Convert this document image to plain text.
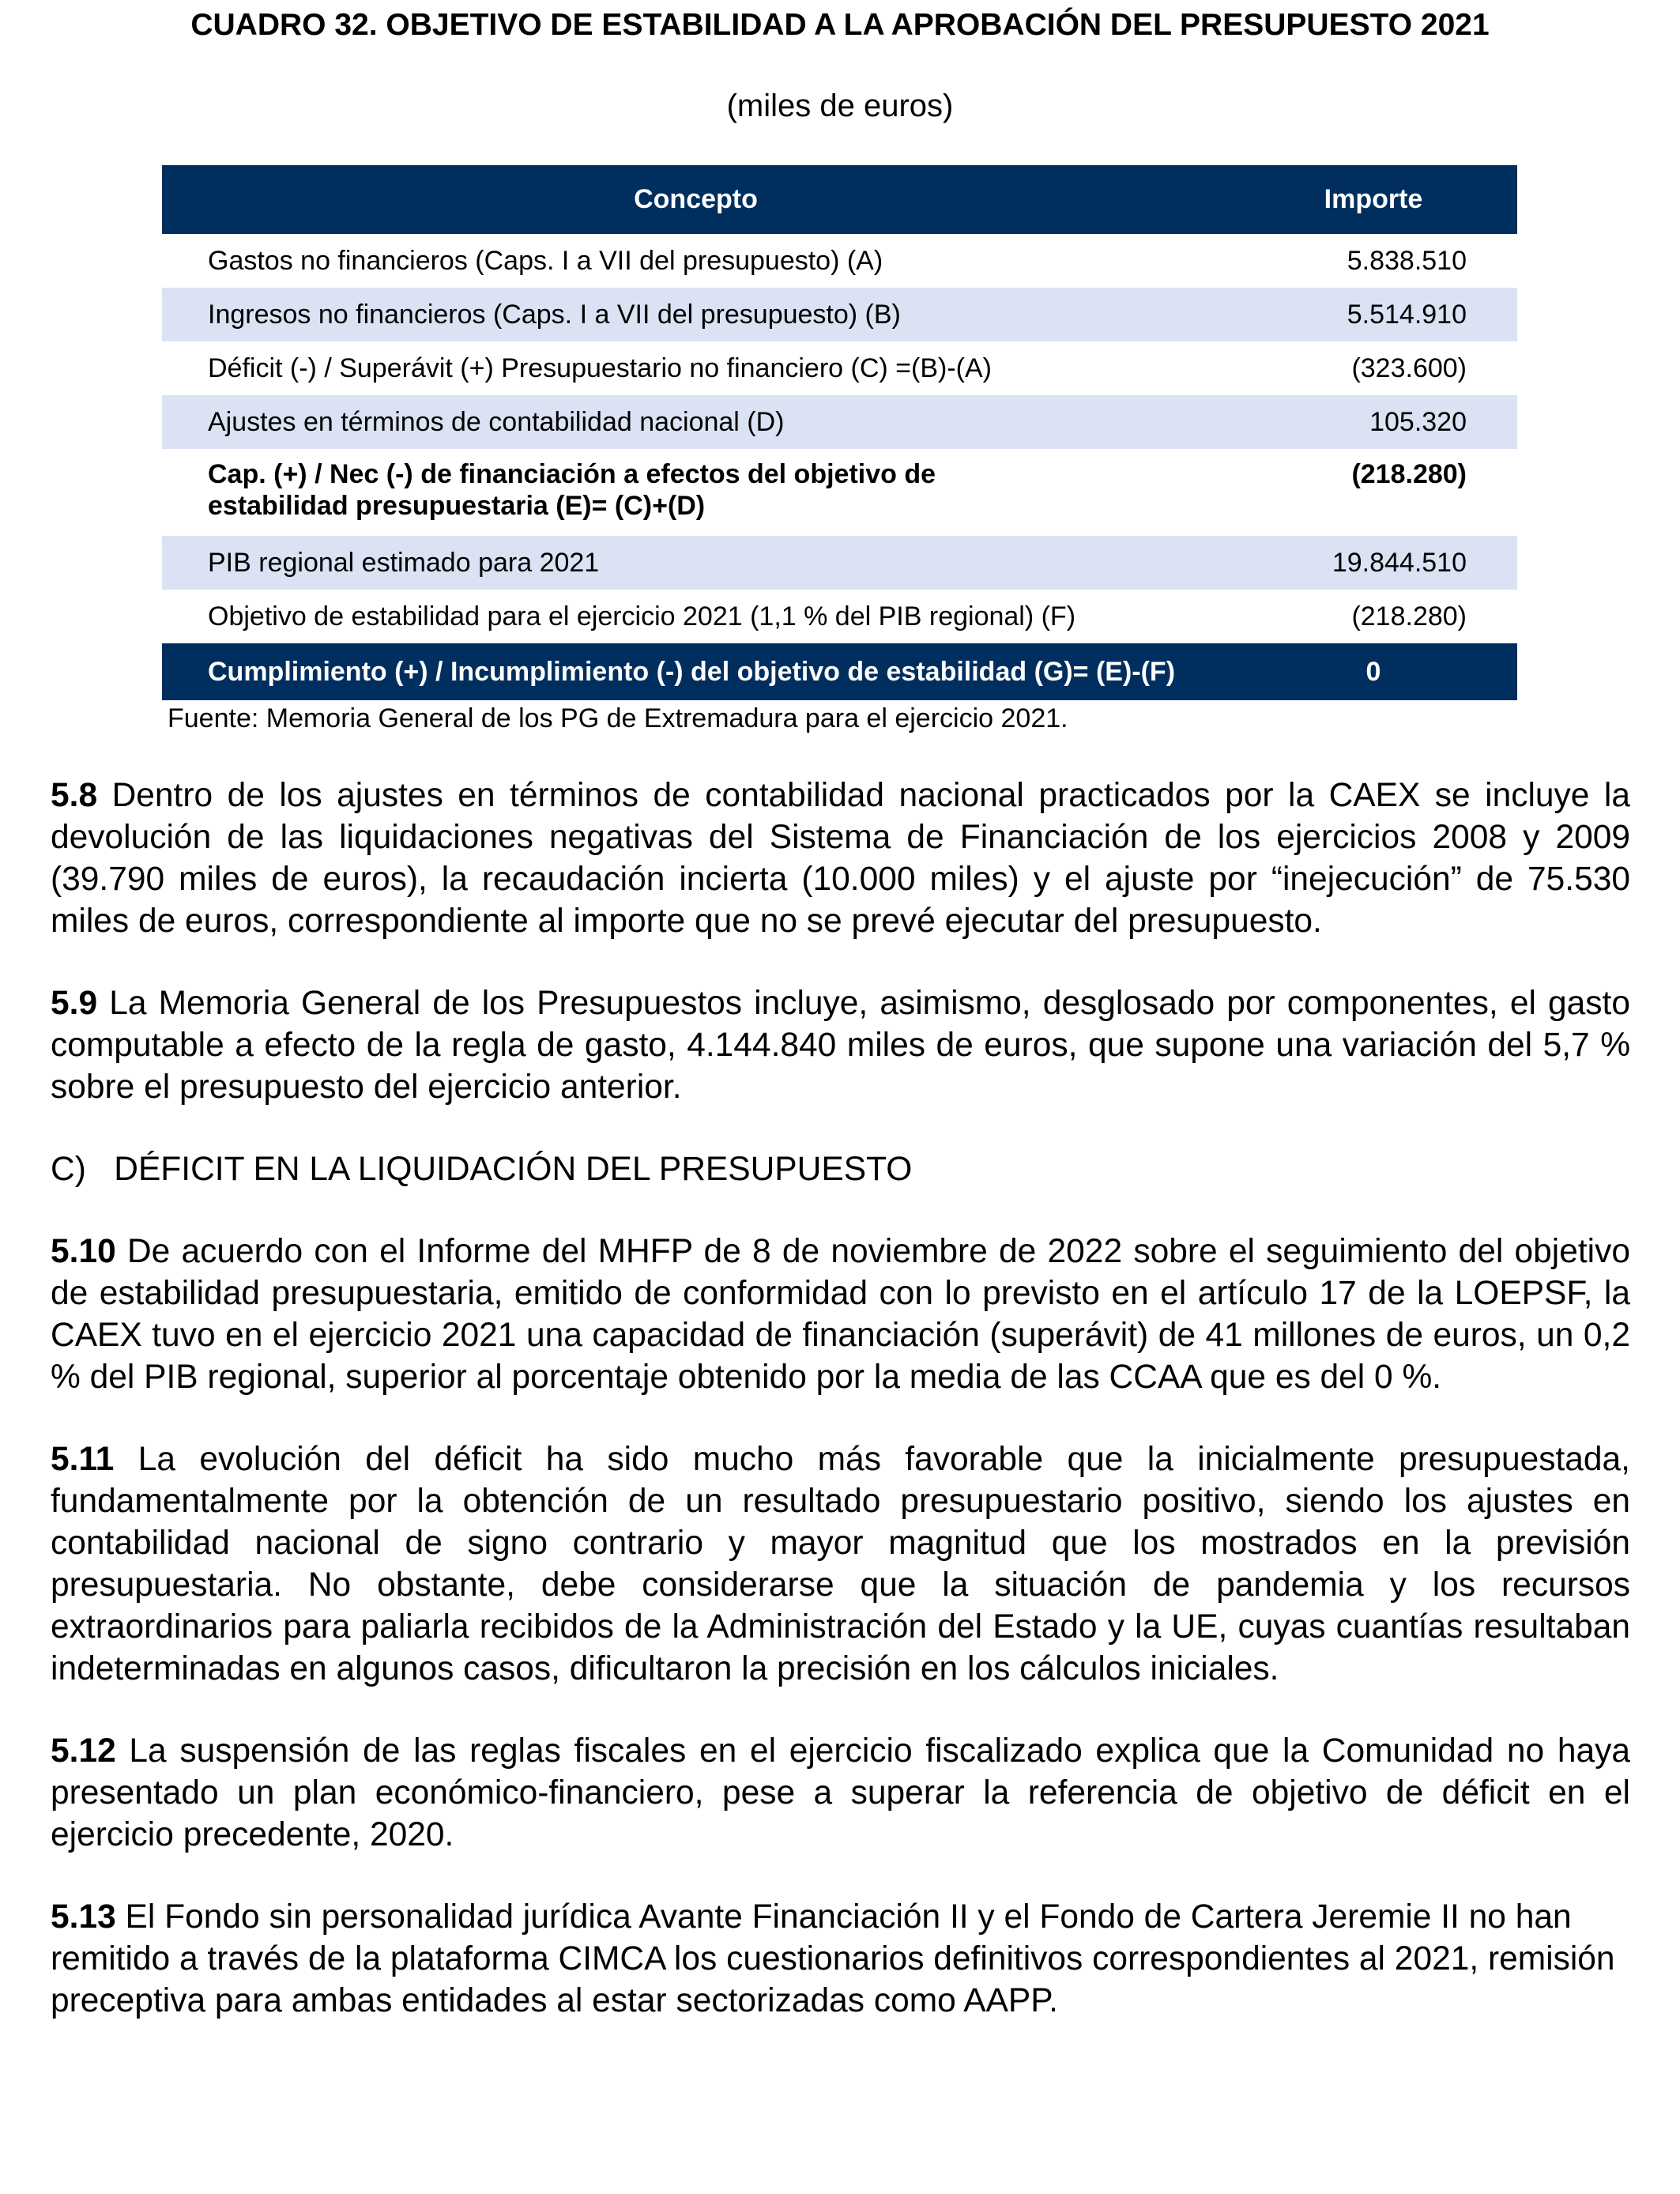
CUADRO 32. OBJETIVO DE ESTABILIDAD A LA APROBACIÓN DEL PRESUPUESTO 2021
(miles de euros)
Concepto	Importe
Gastos no financieros (Caps. I a VII del presupuesto) (A)	5.838.510
Ingresos no financieros (Caps. I a VII del presupuesto) (B)	5.514.910
Déficit (-) / Superávit (+) Presupuestario no financiero (C) =(B)-(A)	(323.600)
Ajustes en términos de contabilidad nacional (D)	105.320
Cap. (+) / Nec (-) de financiación a efectos del objetivo de estabilidad presupuestaria (E)= (C)+(D)	(218.280)
PIB regional estimado para 2021	19.844.510
Objetivo de estabilidad para el ejercicio 2021 (1,1 % del PIB regional) (F)	(218.280)
Cumplimiento (+) / Incumplimiento (-) del objetivo de estabilidad (G)= (E)-(F)	0
Fuente: Memoria General de los PG de Extremadura para el ejercicio 2021.

5.8 Dentro de los ajustes en términos de contabilidad nacional practicados por la CAEX se incluye la devolución de las liquidaciones negativas del Sistema de Financiación de los ejercicios 2008 y 2009 (39.790 miles de euros), la recaudación incierta (10.000 miles) y el ajuste por “inejecución” de 75.530 miles de euros, correspondiente al importe que no se prevé ejecutar del presupuesto.

5.9 La Memoria General de los Presupuestos incluye, asimismo, desglosado por componentes, el gasto computable a efecto de la regla de gasto, 4.144.840 miles de euros, que supone una variación del 5,7 % sobre el presupuesto del ejercicio anterior.

C)   DÉFICIT EN LA LIQUIDACIÓN DEL PRESUPUESTO

5.10 De acuerdo con el Informe del MHFP de 8 de noviembre de 2022 sobre el seguimiento del objetivo de estabilidad presupuestaria, emitido de conformidad con lo previsto en el artículo 17 de la LOEPSF, la CAEX tuvo en el ejercicio 2021 una capacidad de financiación (superávit) de 41 millones de euros, un 0,2 % del PIB regional, superior al porcentaje obtenido por la media de las CCAA que es del 0 %.

5.11 La evolución del déficit ha sido mucho más favorable que la inicialmente presupuestada, fundamentalmente por la obtención de un resultado presupuestario positivo, siendo los ajustes en contabilidad nacional de signo contrario y mayor magnitud que los mostrados en la previsión presupuestaria. No obstante, debe considerarse que la situación de pandemia y los recursos extraordinarios para paliarla recibidos de la Administración del Estado y la UE, cuyas cuantías resultaban indeterminadas en algunos casos, dificultaron la precisión en los cálculos iniciales.

5.12 La suspensión de las reglas fiscales en el ejercicio fiscalizado explica que la Comunidad no haya presentado un plan económico-financiero, pese a superar la referencia de objetivo de déficit en el ejercicio precedente, 2020.

5.13 El Fondo sin personalidad jurídica Avante Financiación II y el Fondo de Cartera Jeremie II no han remitido a través de la plataforma CIMCA los cuestionarios definitivos correspondientes al 2021, remisión preceptiva para ambas entidades al estar sectorizadas como AAPP.
